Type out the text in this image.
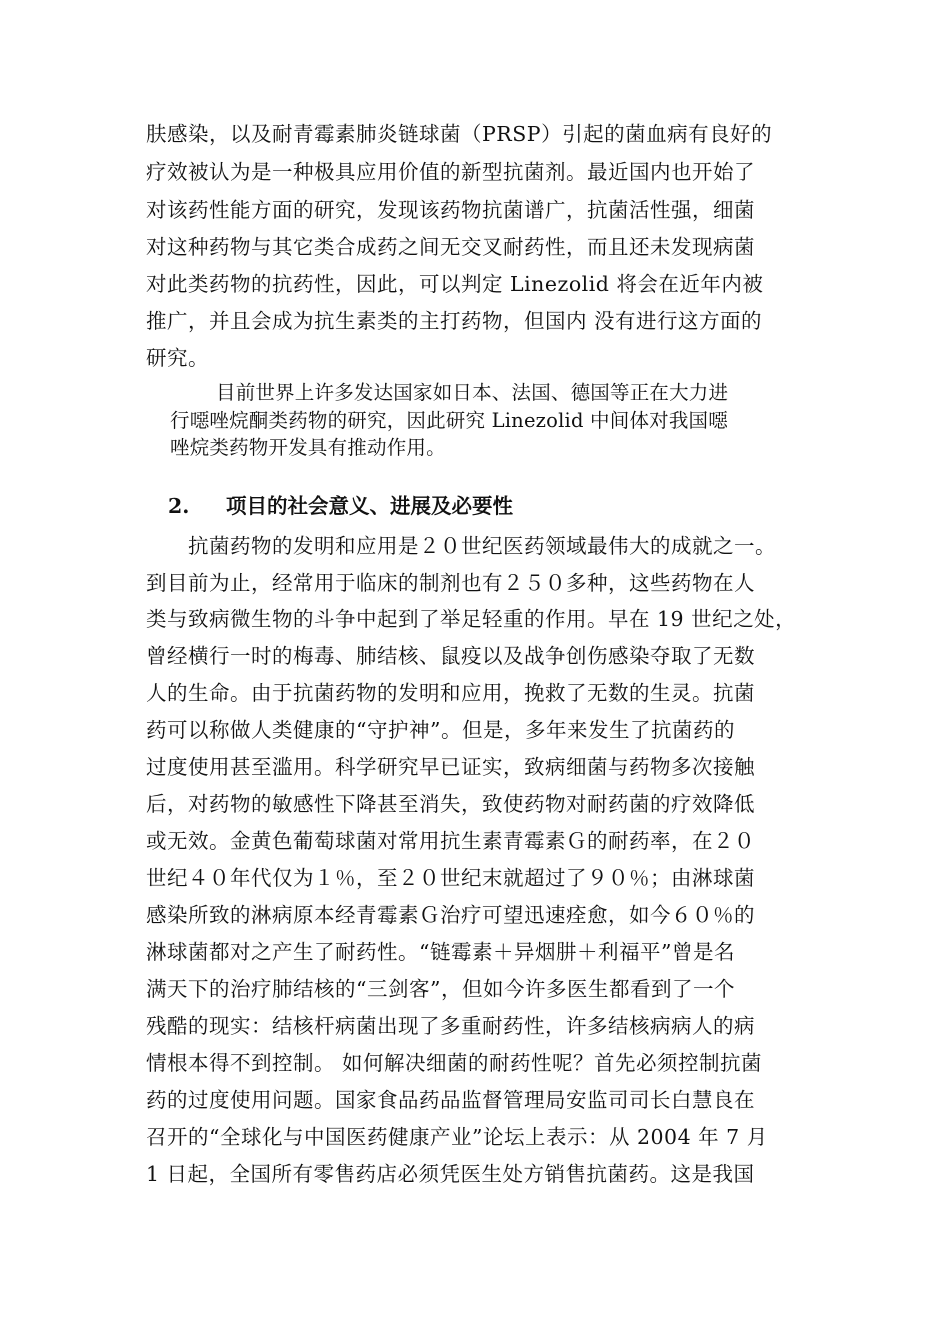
肤感染，以及耐青霉素肺炎链球菌（PRSP）引起的菌血病有良好的
疗效被认为是一种极具应用价值的新型抗菌剂。最近国内也开始了
对该药性能方面的研究，发现该药物抗菌谱广，抗菌活性强，细菌
对这种药物与其它类合成药之间无交叉耐药性，而且还未发现病菌
对此类药物的抗药性，因此，可以判定 Linezolid 将会在近年内被
推广，并且会成为抗生素类的主打药物，但国内 没有进行这方面的
研究。
目前世界上许多发达国家如日本、法国、德国等正在大力进
行噁唑烷酮类药物的研究，因此研究 Linezolid 中间体对我国噁
唑烷类药物开发具有推动作用。
2. 项目的社会意义、进展及必要性
抗菌药物的发明和应用是２０世纪医药领域最伟大的成就之一。
到目前为止，经常用于临床的制剂也有２５０多种，这些药物在人
类与致病微生物的斗争中起到了举足轻重的作用。早在 19 世纪之处，
曾经横行一时的梅毒、肺结核、鼠疫以及战争创伤感染夺取了无数
人的生命。由于抗菌药物的发明和应用，挽救了无数的生灵。抗菌
药可以称做人类健康的“守护神”。但是，多年来发生了抗菌药的
过度使用甚至滥用。科学研究早已证实，致病细菌与药物多次接触
后，对药物的敏感性下降甚至消失，致使药物对耐药菌的疗效降低
或无效。金黄色葡萄球菌对常用抗生素青霉素Ｇ的耐药率，在２０
世纪４０年代仅为１％，至２０世纪末就超过了９０％；由淋球菌
感染所致的淋病原本经青霉素Ｇ治疗可望迅速痊愈，如今６０％的
淋球菌都对之产生了耐药性。“链霉素＋异烟肼＋利福平”曾是名
满天下的治疗肺结核的“三剑客”，但如今许多医生都看到了一个
残酷的现实：结核杆病菌出现了多重耐药性，许多结核病病人的病
情根本得不到控制。 如何解决细菌的耐药性呢？首先必须控制抗菌
药的过度使用问题。国家食品药品监督管理局安监司司长白慧良在
召开的“全球化与中国医药健康产业”论坛上表示：从 2004 年 7 月
1 日起，全国所有零售药店必须凭医生处方销售抗菌药。这是我国
